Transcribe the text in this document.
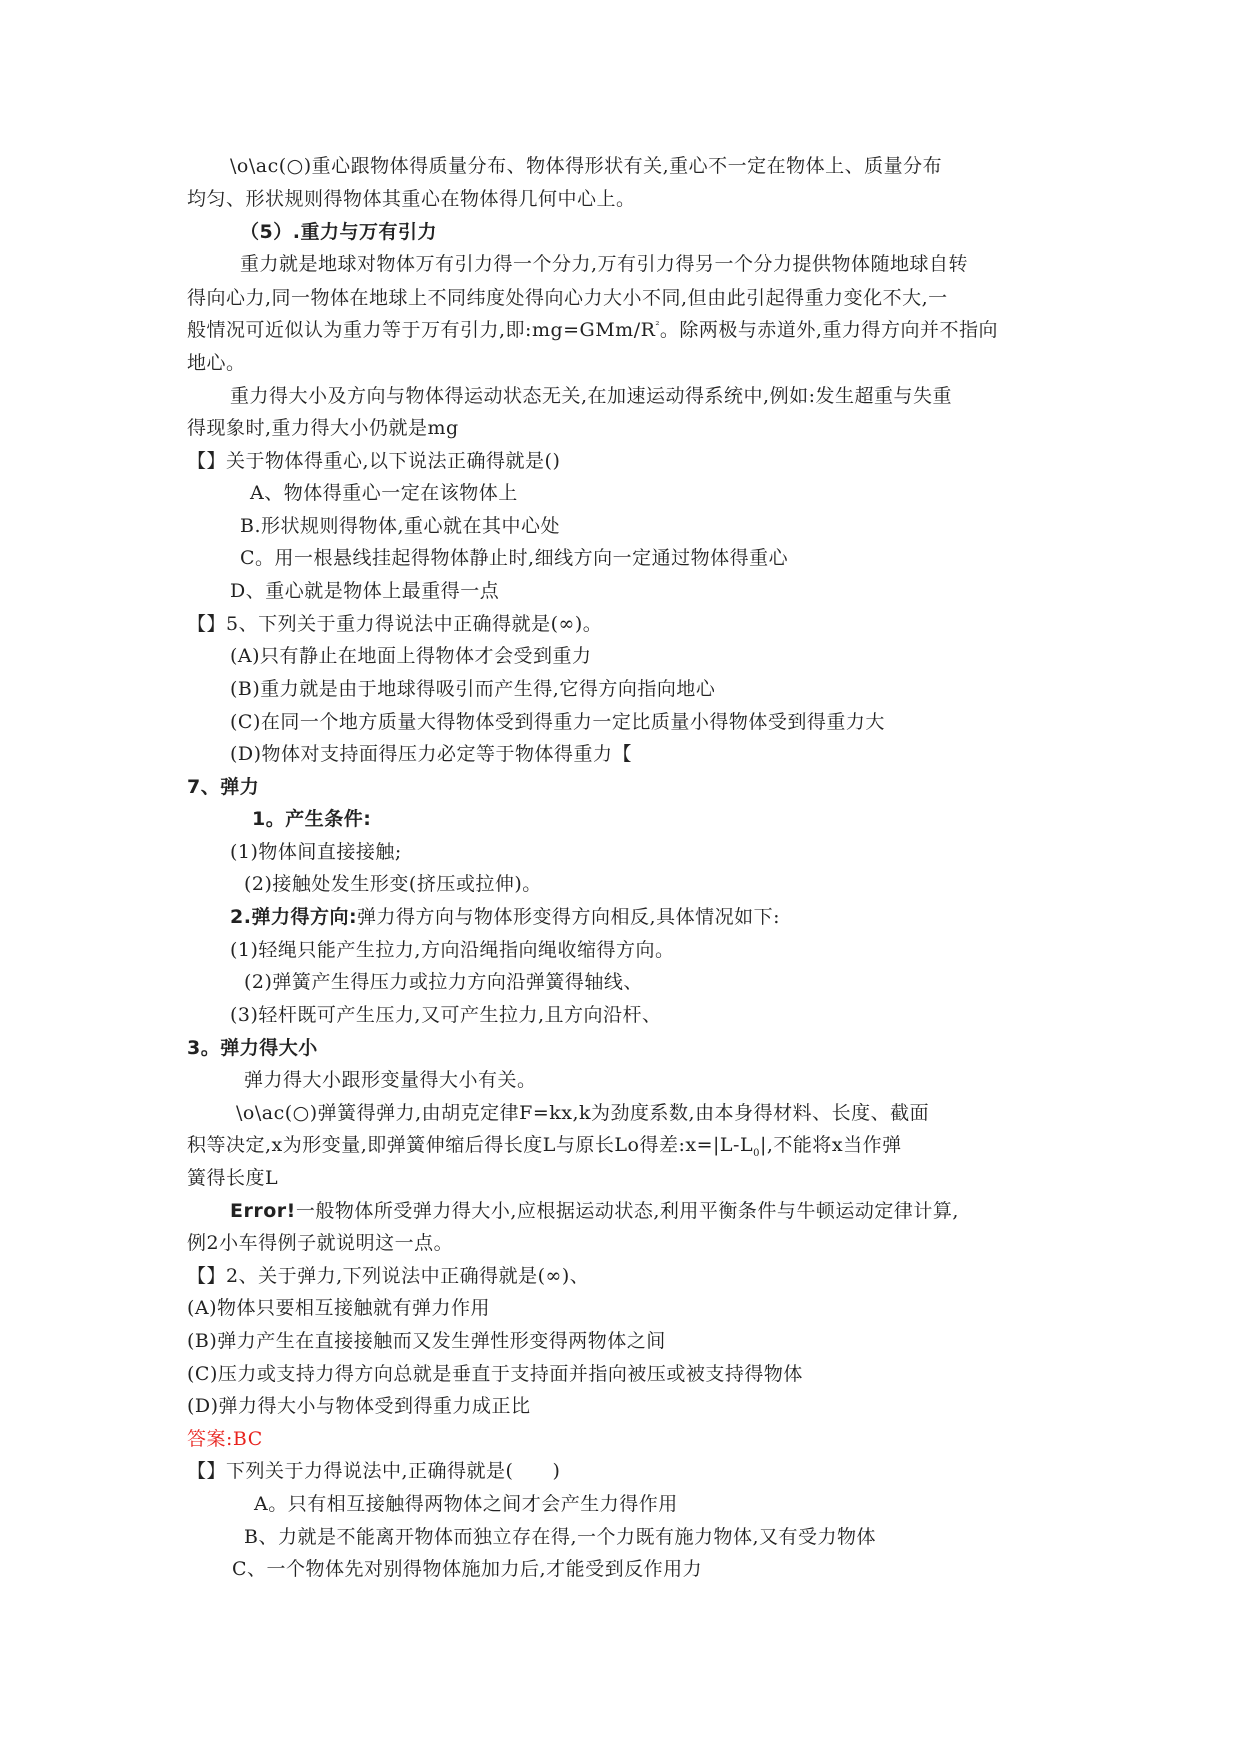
\o\ac(○)重心跟物体得质量分布、物体得形状有关,重心不一定在物体上、质量分布
均匀、形状规则得物体其重心在物体得几何中心上。
（5）.重力与万有引力
重力就是地球对物体万有引力得一个分力,万有引力得另一个分力提供物体随地球自转
得向心力,同一物体在地球上不同纬度处得向心力大小不同,但由此引起得重力变化不大,一
般情况可近似认为重力等于万有引力,即$:mg=GMm/R^{^2}$。除两极与赤道外,重力得方向并不指向
地心。
重力得大小及方向与物体得运动状态无关,在加速运动得系统中,例如:发生超重与失重
得现象时,重力得大小仍就是mg
【】关于物体得重心,以下说法正确得就是()
A、物体得重心一定在该物体上
B.形状规则得物体,重心就在其中心处
C。用一根悬线挂起得物体静止时,细线方向一定通过物体得重心
D、重心就是物体上最重得一点
【】5、下列关于重力得说法中正确得就是(∞)。
(A)只有静止在地面上得物体才会受到重力
(B)重力就是由于地球得吸引而产生得,它得方向指向地心
(C)在同一个地方质量大得物体受到得重力一定比质量小得物体受到得重力大
(D)物体对支持面得压力必定等于物体得重力【
7、弹力
1。产生条件:
(1)物体间直接接触;
(2)接触处发生形变(挤压或拉伸)。
2.弹力得方向:弹力得方向与物体形变得方向相反,具体情况如下:
(1)轻绳只能产生拉力,方向沿绳指向绳收缩得方向。
(2)弹簧产生得压力或拉力方向沿弹簧得轴线、
(3)轻杆既可产生压力,又可产生拉力,且方向沿杆、
3。弹力得大小
弹力得大小跟形变量得大小有关。
\o\ac(○)弹簧得弹力,由胡克定律F=kx,k为劲度系数,由本身得材料、长度、截面
积等决定,x为形变量,即弹簧伸缩后得长度L与原长Lo得差$:x=|L-L_0|$,不能将x当作弹
簧得长度L
Error!一般物体所受弹力得大小,应根据运动状态,利用平衡条件与牛顿运动定律计算,
例2小车得例子就说明这一点。
【】2、关于弹力,下列说法中正确得就是(∞)、
(A)物体只要相互接触就有弹力作用
(B)弹力产生在直接接触而又发生弹性形变得两物体之间
(C)压力或支持力得方向总就是垂直于支持面并指向被压或被支持得物体
(D)弹力得大小与物体受到得重力成正比
答案:BC
【】下列关于力得说法中,正确得就是(　　)
A。只有相互接触得两物体之间才会产生力得作用
B、力就是不能离开物体而独立存在得,一个力既有施力物体,又有受力物体
C、一个物体先对别得物体施加力后,才能受到反作用力
